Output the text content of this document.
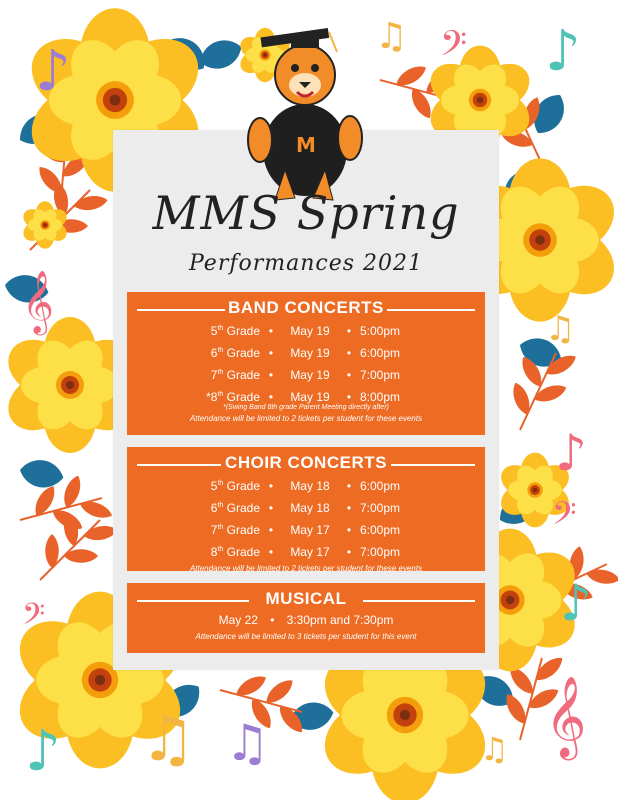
♪
♫ ♪
♫
♪
♪
♫ ♫
♪	♫
𝄞
𝄞
𝄢
𝄢
𝄢
M
MMS Spring
Performances 2021
BAND CONCERTS
5th Grade • May 19 • 5:00pm
6th Grade • May 19 • 6:00pm
7th Grade • May 19 • 7:00pm
*8th Grade • May 19 • 8:00pm
*(Swing Band 8th grade Parent Meeting directly after)
Attendance will be limited to 2 tickets per student for these events
CHOIR CONCERTS
5th Grade • May 18 • 6:00pm
6th Grade • May 18 • 7:00pm
7th Grade • May 17 • 6:00pm
8th Grade • May 17 • 7:00pm
Attendance will be limited to 2 tickets per student for these events
MUSICAL
May 22 • 3:30pm and 7:30pm
Attendance will be limited to 3 tickets per student for this event
